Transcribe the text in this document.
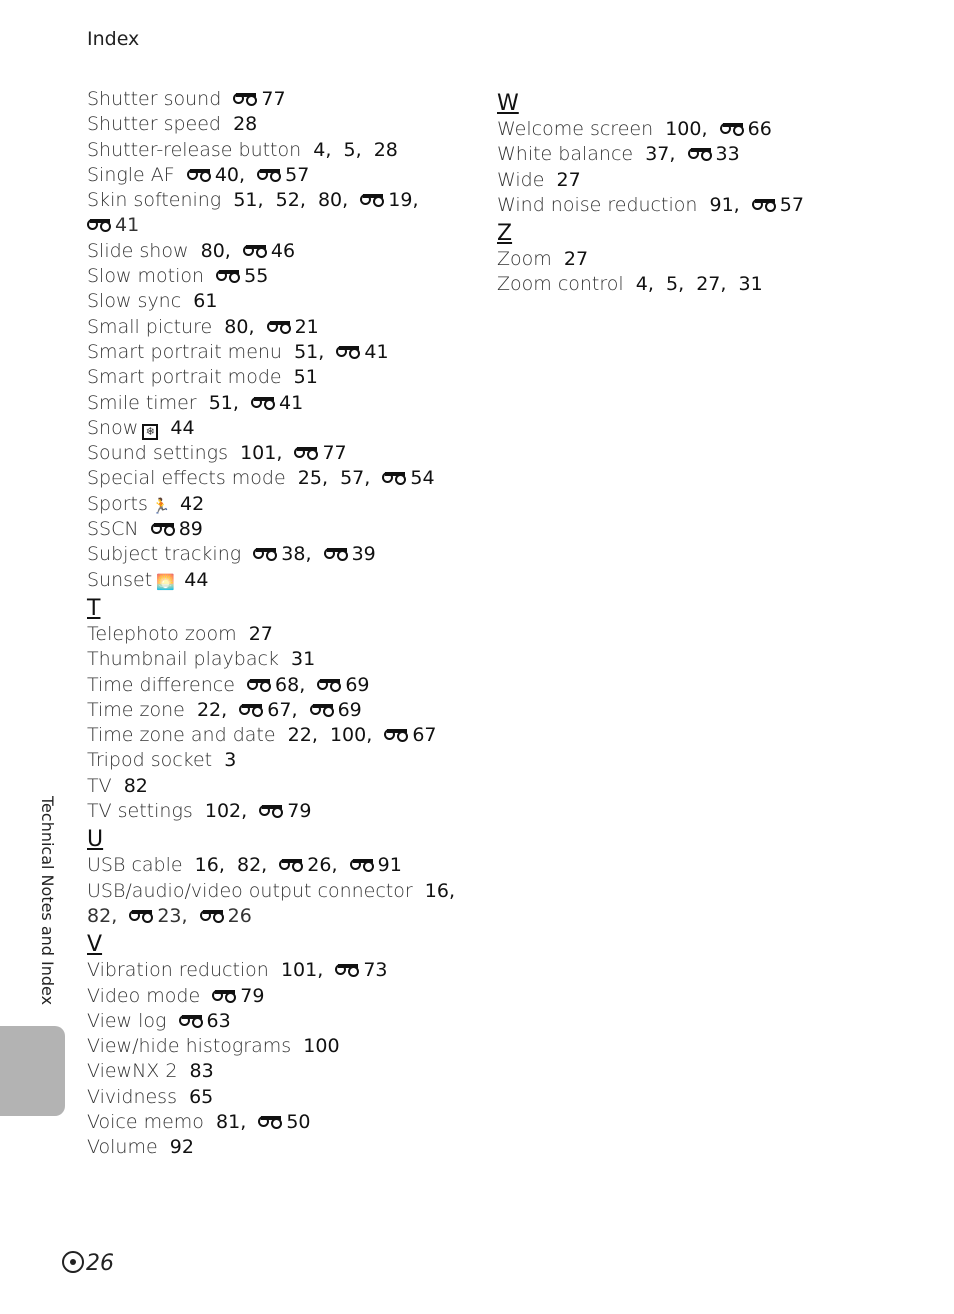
Index
Shutter sound 77
Shutter speed 28
Shutter-release button 4,  5,  28
Single AF 40,
57
Skin softening 51,  52,  80,
19,
41
Slide show 80,
46
Slow motion 55
Slow sync 61
Small picture 80,
21
Smart portrait menu 51,
41
Smart portrait mode 51
Smile timer 51,
41
Snow ❄ 44
Sound settings 101,
77
Special effects mode 25,  57,
54
Sports 🏃 42
SSCN 89
Subject tracking 38,
39
Sunset 🌅 44
T
Telephoto zoom 27
Thumbnail playback 31
Time difference 68,
69
Time zone 22,
67,
69
Time zone and date 22,  100,
67
Tripod socket 3
TV 82
TV settings 102,
79
U
USB cable 16,  82,
26,
91
USB/audio/video output connector 16,
82,
23,
26
V
Vibration reduction 101,
73
Video mode 79
View log 63
View/hide histograms 100
ViewNX 2 83
Vividness 65
Voice memo 81,
50
Volume 92
W
Welcome screen 100,
66
White balance 37,
33
Wide 27
Wind noise reduction 91,
57
Z
Zoom 27
Zoom control 4,  5,  27,  31
Technical Notes and Index
26
